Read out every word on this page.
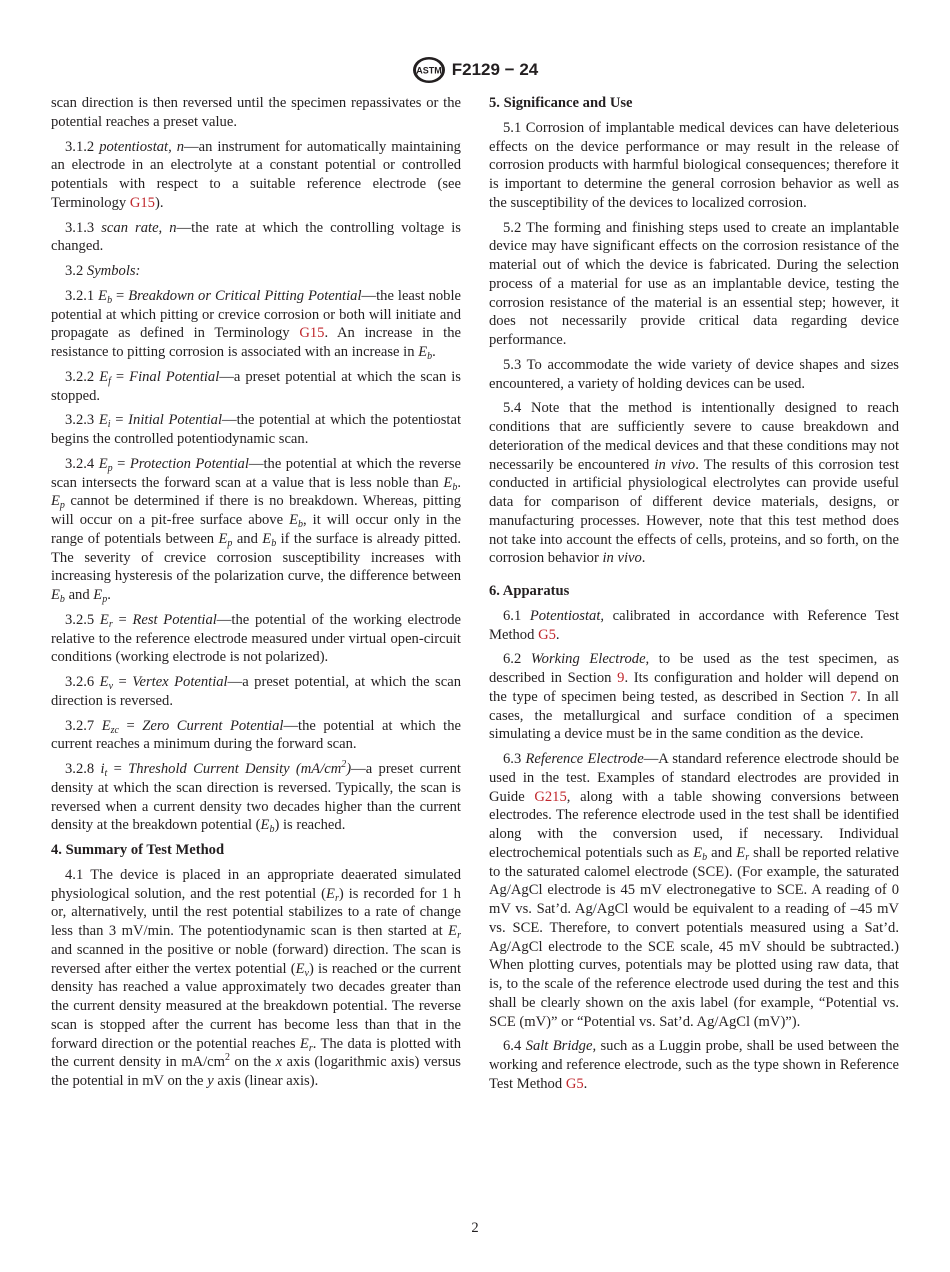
ASTM F2129 − 24

scan direction is then reversed until the specimen repassivates or the potential reaches a preset value.

3.1.2 potentiostat, n—an instrument for automatically maintaining an electrode in an electrolyte at a constant potential or controlled potentials with respect to a suitable reference electrode (see Terminology G15).

3.1.3 scan rate, n—the rate at which the controlling voltage is changed.

3.2 Symbols:

3.2.1 $E_b$ = Breakdown or Critical Pitting Potential—the least noble potential at which pitting or crevice corrosion or both will initiate and propagate as defined in Terminology G15. An increase in the resistance to pitting corrosion is associated with an increase in $E_b$.

3.2.2 $E_f$ = Final Potential—a preset potential at which the scan is stopped.

3.2.3 $E_i$ = Initial Potential—the potential at which the potentiostat begins the controlled potentiodynamic scan.

3.2.4 $E_p$ = Protection Potential—the potential at which the reverse scan intersects the forward scan at a value that is less noble than $E_b$. $E_p$ cannot be determined if there is no breakdown. Whereas, pitting will occur on a pit-free surface above $E_b$, it will occur only in the range of potentials between $E_p$ and $E_b$ if the surface is already pitted. The severity of crevice corrosion susceptibility increases with increasing hysteresis of the polarization curve, the difference between $E_b$ and $E_p$.

3.2.5 $E_r$ = Rest Potential—the potential of the working electrode relative to the reference electrode measured under virtual open-circuit conditions (working electrode is not polarized).

3.2.6 $E_v$ = Vertex Potential—a preset potential, at which the scan direction is reversed.

3.2.7 $E_{zc}$ = Zero Current Potential—the potential at which the current reaches a minimum during the forward scan.

3.2.8 $i_t$ = Threshold Current Density $(mA/cm^2)—a$ preset current density at which the scan direction is reversed. Typically, the scan is reversed when a current density two decades higher than the current density at the breakdown potential $(E_b)$ is reached.

4. Summary of Test Method

4.1 The device is placed in an appropriate deaerated simulated physiological solution, and the rest potential $(E_r)$ is recorded for 1 h or, alternatively, until the rest potential stabilizes to a rate of change less than 3 mV/min. The potentiodynamic scan is then started at $E_r$ and scanned in the positive or noble (forward) direction. The scan is reversed after either the vertex potential $(E_v)$ is reached or the current density has reached a value approximately two decades greater than the current density measured at the breakdown potential. The reverse scan is stopped after the current has become less than that in the forward direction or the potential reaches $E_r$. The data is plotted with the current density in $mA/cm^2$ on the x axis (logarithmic axis) versus the potential in mV on the y axis (linear axis).

5. Significance and Use

5.1 Corrosion of implantable medical devices can have deleterious effects on the device performance or may result in the release of corrosion products with harmful biological consequences; therefore it is important to determine the general corrosion behavior as well as the susceptibility of the devices to localized corrosion.

5.2 The forming and finishing steps used to create an implantable device may have significant effects on the corrosion resistance of the material out of which the device is fabricated. During the selection process of a material for use as an implantable device, testing the corrosion resistance of the material is an essential step; however, it does not necessarily provide critical data regarding device performance.

5.3 To accommodate the wide variety of device shapes and sizes encountered, a variety of holding devices can be used.

5.4 Note that the method is intentionally designed to reach conditions that are sufficiently severe to cause breakdown and deterioration of the medical devices and that these conditions may not necessarily be encountered in vivo. The results of this corrosion test conducted in artificial physiological electrolytes can provide useful data for comparison of different device materials, designs, or manufacturing processes. However, note that this test method does not take into account the effects of cells, proteins, and so forth, on the corrosion behavior in vivo.

6. Apparatus

6.1 Potentiostat, calibrated in accordance with Reference Test Method G5.

6.2 Working Electrode, to be used as the test specimen, as described in Section 9. Its configuration and holder will depend on the type of specimen being tested, as described in Section 7. In all cases, the metallurgical and surface condition of a specimen simulating a device must be in the same condition as the device.

6.3 Reference Electrode—A standard reference electrode should be used in the test. Examples of standard electrodes are provided in Guide G215, along with a table showing conversions between electrodes. The reference electrode used in the test shall be identified along with the conversion used, if necessary. Individual electrochemical potentials such as $E_b$ and $E_r$ shall be reported relative to the saturated calomel electrode (SCE). (For example, the saturated Ag/AgCl electrode is 45 mV electronegative to SCE. A reading of 0 mV vs. Sat’d. Ag/AgCl would be equivalent to a reading of –45 mV vs. SCE. Therefore, to convert potentials measured using a Sat’d. Ag/AgCl electrode to the SCE scale, 45 mV should be subtracted.) When plotting curves, potentials may be plotted using raw data, that is, to the scale of the reference electrode used during the test and this shall be clearly shown on the axis label (for example, “Potential vs. SCE (mV)” or “Potential vs. Sat’d. Ag/AgCl (mV)”).

6.4 Salt Bridge, such as a Luggin probe, shall be used between the working and reference electrode, such as the type shown in Reference Test Method G5.

2
